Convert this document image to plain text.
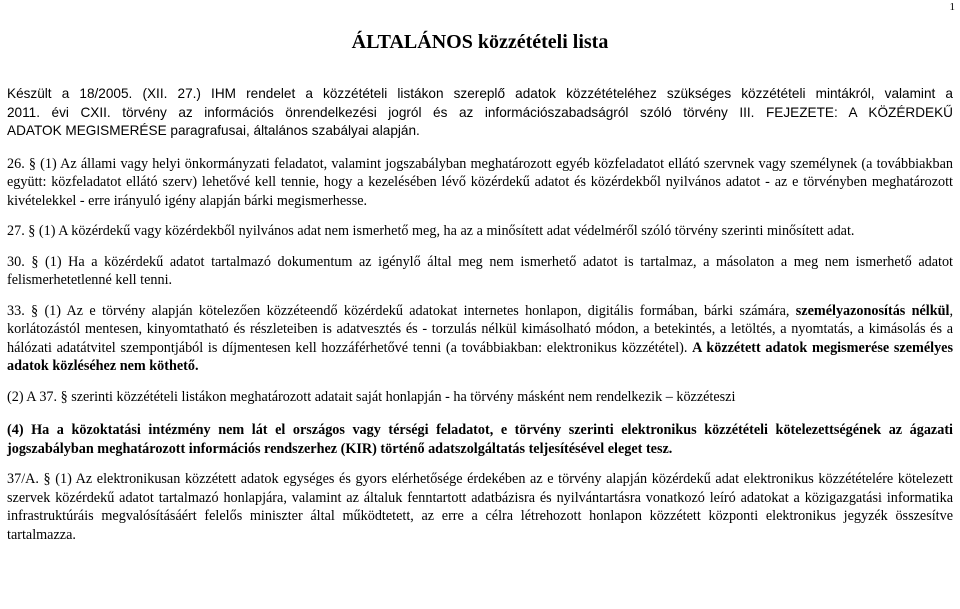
1
ÁLTALÁNOS közzétételi lista

Készült a 18/2005. (XII. 27.) IHM rendelet a közzétételi listákon szereplő adatok közzétételéhez szükséges közzétételi mintákról, valamint a
2011. évi CXII. törvény az információs önrendelkezési jogról és az információszabadságról szóló törvény III. FEJEZETE: A KÖZÉRDEKŰ
ADATOK MEGISMERÉSE paragrafusai, általános szabályai alapján.

26. § (1) Az állami vagy helyi önkormányzati feladatot, valamint jogszabályban meghatározott egyéb közfeladatot ellátó szervnek vagy személynek (a továbbiakban együtt: közfeladatot ellátó szerv) lehetővé kell tennie, hogy a kezelésében lévő közérdekű adatot és közérdekből nyilvános adatot - az e törvényben meghatározott kivételekkel - erre irányuló igény alapján bárki megismerhesse.

27. § (1) A közérdekű vagy közérdekből nyilvános adat nem ismerhető meg, ha az a minősített adat védelméről szóló törvény szerinti minősített adat.

30. § (1) Ha a közérdekű adatot tartalmazó dokumentum az igénylő által meg nem ismerhető adatot is tartalmaz, a másolaton a meg nem ismerhető adatot felismerhetetlenné kell tenni.

33. § (1) Az e törvény alapján kötelezően közzéteendő közérdekű adatokat internetes honlapon, digitális formában, bárki számára, személyazonosítás nélkül, korlátozástól mentesen, kinyomtatható és részleteiben is adatvesztés és - torzulás nélkül kimásolható módon, a betekintés, a letöltés, a nyomtatás, a kimásolás és a hálózati adatátvitel szempontjából is díjmentesen kell hozzáférhetővé tenni (a továbbiakban: elektronikus közzététel). A közzétett adatok megismerése személyes adatok közléséhez nem köthető.

(2) A 37. § szerinti közzétételi listákon meghatározott adatait saját honlapján - ha törvény másként nem rendelkezik – közzéteszi

(4) Ha a közoktatási intézmény nem lát el országos vagy térségi feladatot, e törvény szerinti elektronikus közzétételi kötelezettségének az ágazati jogszabályban meghatározott információs rendszerhez (KIR) történő adatszolgáltatás teljesítésével eleget tesz.

37/A. § (1) Az elektronikusan közzétett adatok egységes és gyors elérhetősége érdekében az e törvény alapján közérdekű adat elektronikus közzétételére kötelezett szervek közérdekű adatot tartalmazó honlapjára, valamint az általuk fenntartott adatbázisra és nyilvántartásra vonatkozó leíró adatokat a közigazgatási informatika infrastruktúráis megvalósításáért felelős miniszter által működtetett, az erre a célra létrehozott honlapon közzétett központi elektronikus jegyzék összesítve tartalmazza.
